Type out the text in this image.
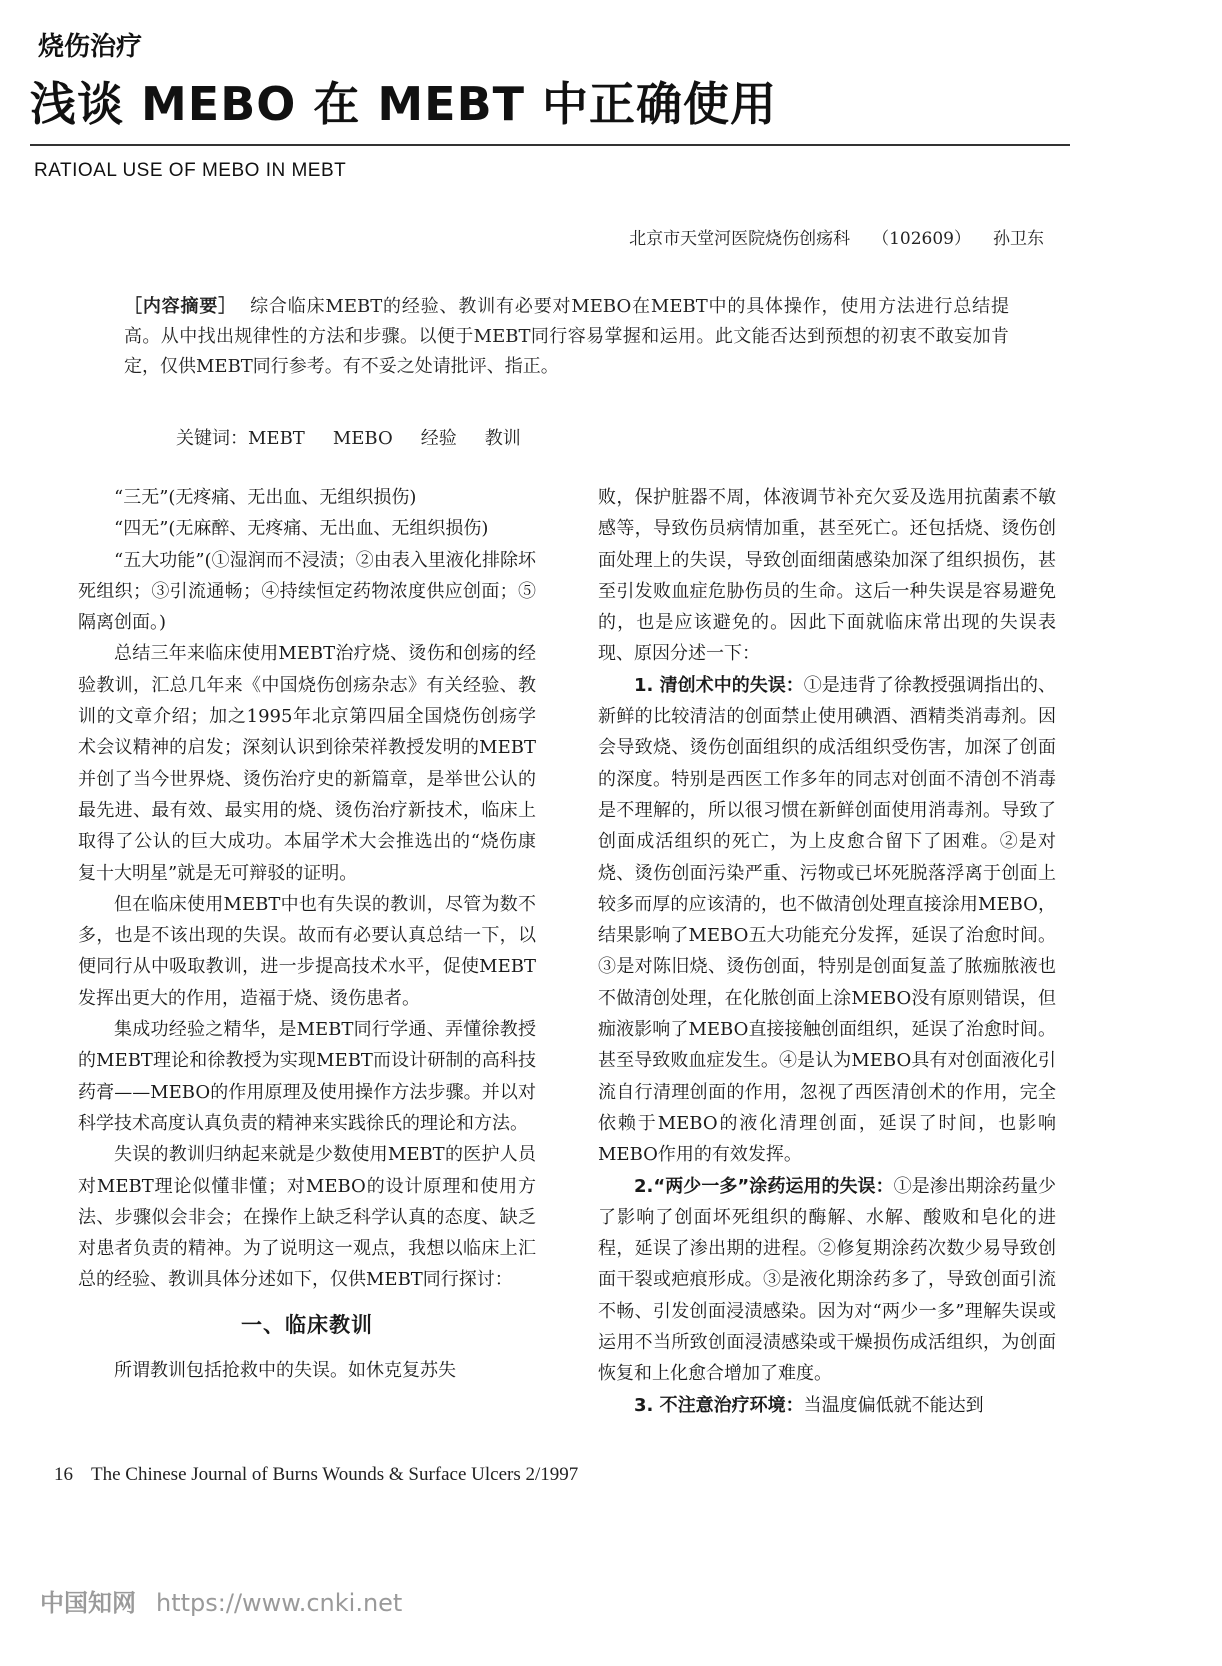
烧伤治疗
浅谈 MEBO 在 MEBT 中正确使用
RATIOAL USE OF MEBO IN MEBT
北京市天堂河医院烧伤创疡科 （102609） 孙卫东
［内容摘要］ 综合临床MEBT的经验、教训有必要对MEBO在MEBT中的具体操作，使用方法进行总结提高。从中找出规律性的方法和步骤。以便于MEBT同行容易掌握和运用。此文能否达到预想的初衷不敢妄加肯定，仅供MEBT同行参考。有不妥之处请批评、指正。
关键词：MEBT MEBO 经验 教训

“三无”(无疼痛、无出血、无组织损伤)

“四无”(无麻醉、无疼痛、无出血、无组织损伤)

“五大功能”(①湿润而不浸渍；②由表入里液化排除坏死组织；③引流通畅；④持续恒定药物浓度供应创面；⑤隔离创面。)

总结三年来临床使用MEBT治疗烧、烫伤和创疡的经验教训，汇总几年来《中国烧伤创疡杂志》有关经验、教训的文章介绍；加之1995年北京第四届全国烧伤创疡学术会议精神的启发；深刻认识到徐荣祥教授发明的MEBT并创了当今世界烧、烫伤治疗史的新篇章，是举世公认的最先进、最有效、最实用的烧、烫伤治疗新技术，临床上取得了公认的巨大成功。本届学术大会推选出的“烧伤康复十大明星”就是无可辩驳的证明。

但在临床使用MEBT中也有失误的教训，尽管为数不多，也是不该出现的失误。故而有必要认真总结一下，以便同行从中吸取教训，进一步提高技术水平，促使MEBT发挥出更大的作用，造福于烧、烫伤患者。

集成功经验之精华，是MEBT同行学通、弄懂徐教授的MEBT理论和徐教授为实现MEBT而设计研制的高科技药膏——MEBO的作用原理及使用操作方法步骤。并以对科学技术高度认真负责的精神来实践徐氏的理论和方法。

失误的教训归纳起来就是少数使用MEBT的医护人员对MEBT理论似懂非懂；对MEBO的设计原理和使用方法、步骤似会非会；在操作上缺乏科学认真的态度、缺乏对患者负责的精神。为了说明这一观点，我想以临床上汇总的经验、教训具体分述如下，仅供MEBT同行探讨：

一、临床教训

所谓教训包括抢救中的失误。如休克复苏失

败，保护脏器不周，体液调节补充欠妥及选用抗菌素不敏感等，导致伤员病情加重，甚至死亡。还包括烧、烫伤创面处理上的失误，导致创面细菌感染加深了组织损伤，甚至引发败血症危胁伤员的生命。这后一种失误是容易避免的，也是应该避免的。因此下面就临床常出现的失误表现、原因分述一下：

1. 清创术中的失误：①是违背了徐教授强调指出的、新鲜的比较清洁的创面禁止使用碘酒、酒精类消毒剂。因会导致烧、烫伤创面组织的成活组织受伤害，加深了创面的深度。特别是西医工作多年的同志对创面不清创不消毒是不理解的，所以很习惯在新鲜创面使用消毒剂。导致了创面成活组织的死亡，为上皮愈合留下了困难。②是对烧、烫伤创面污染严重、污物或已坏死脱落浮离于创面上较多而厚的应该清的，也不做清创处理直接涂用MEBO，结果影响了MEBO五大功能充分发挥，延误了治愈时间。③是对陈旧烧、烫伤创面，特别是创面复盖了脓痂脓液也不做清创处理，在化脓创面上涂MEBO没有原则错误，但痂液影响了MEBO直接接触创面组织，延误了治愈时间。甚至导致败血症发生。④是认为MEBO具有对创面液化引流自行清理创面的作用，忽视了西医清创术的作用，完全依赖于MEBO的液化清理创面，延误了时间，也影响MEBO作用的有效发挥。

2.“两少一多”涂药运用的失误：①是渗出期涂药量少了影响了创面坏死组织的酶解、水解、酸败和皂化的进程，延误了渗出期的进程。②修复期涂药次数少易导致创面干裂或疤痕形成。③是液化期涂药多了，导致创面引流不畅、引发创面浸渍感染。因为对“两少一多”理解失误或运用不当所致创面浸渍感染或干燥损伤成活组织，为创面恢复和上化愈合增加了难度。

3. 不注意治疗环境：当温度偏低就不能达到

16 The Chinese Journal of Burns Wounds & Surface Ulcers 2/1997
中国知网 https://www.cnki.net
